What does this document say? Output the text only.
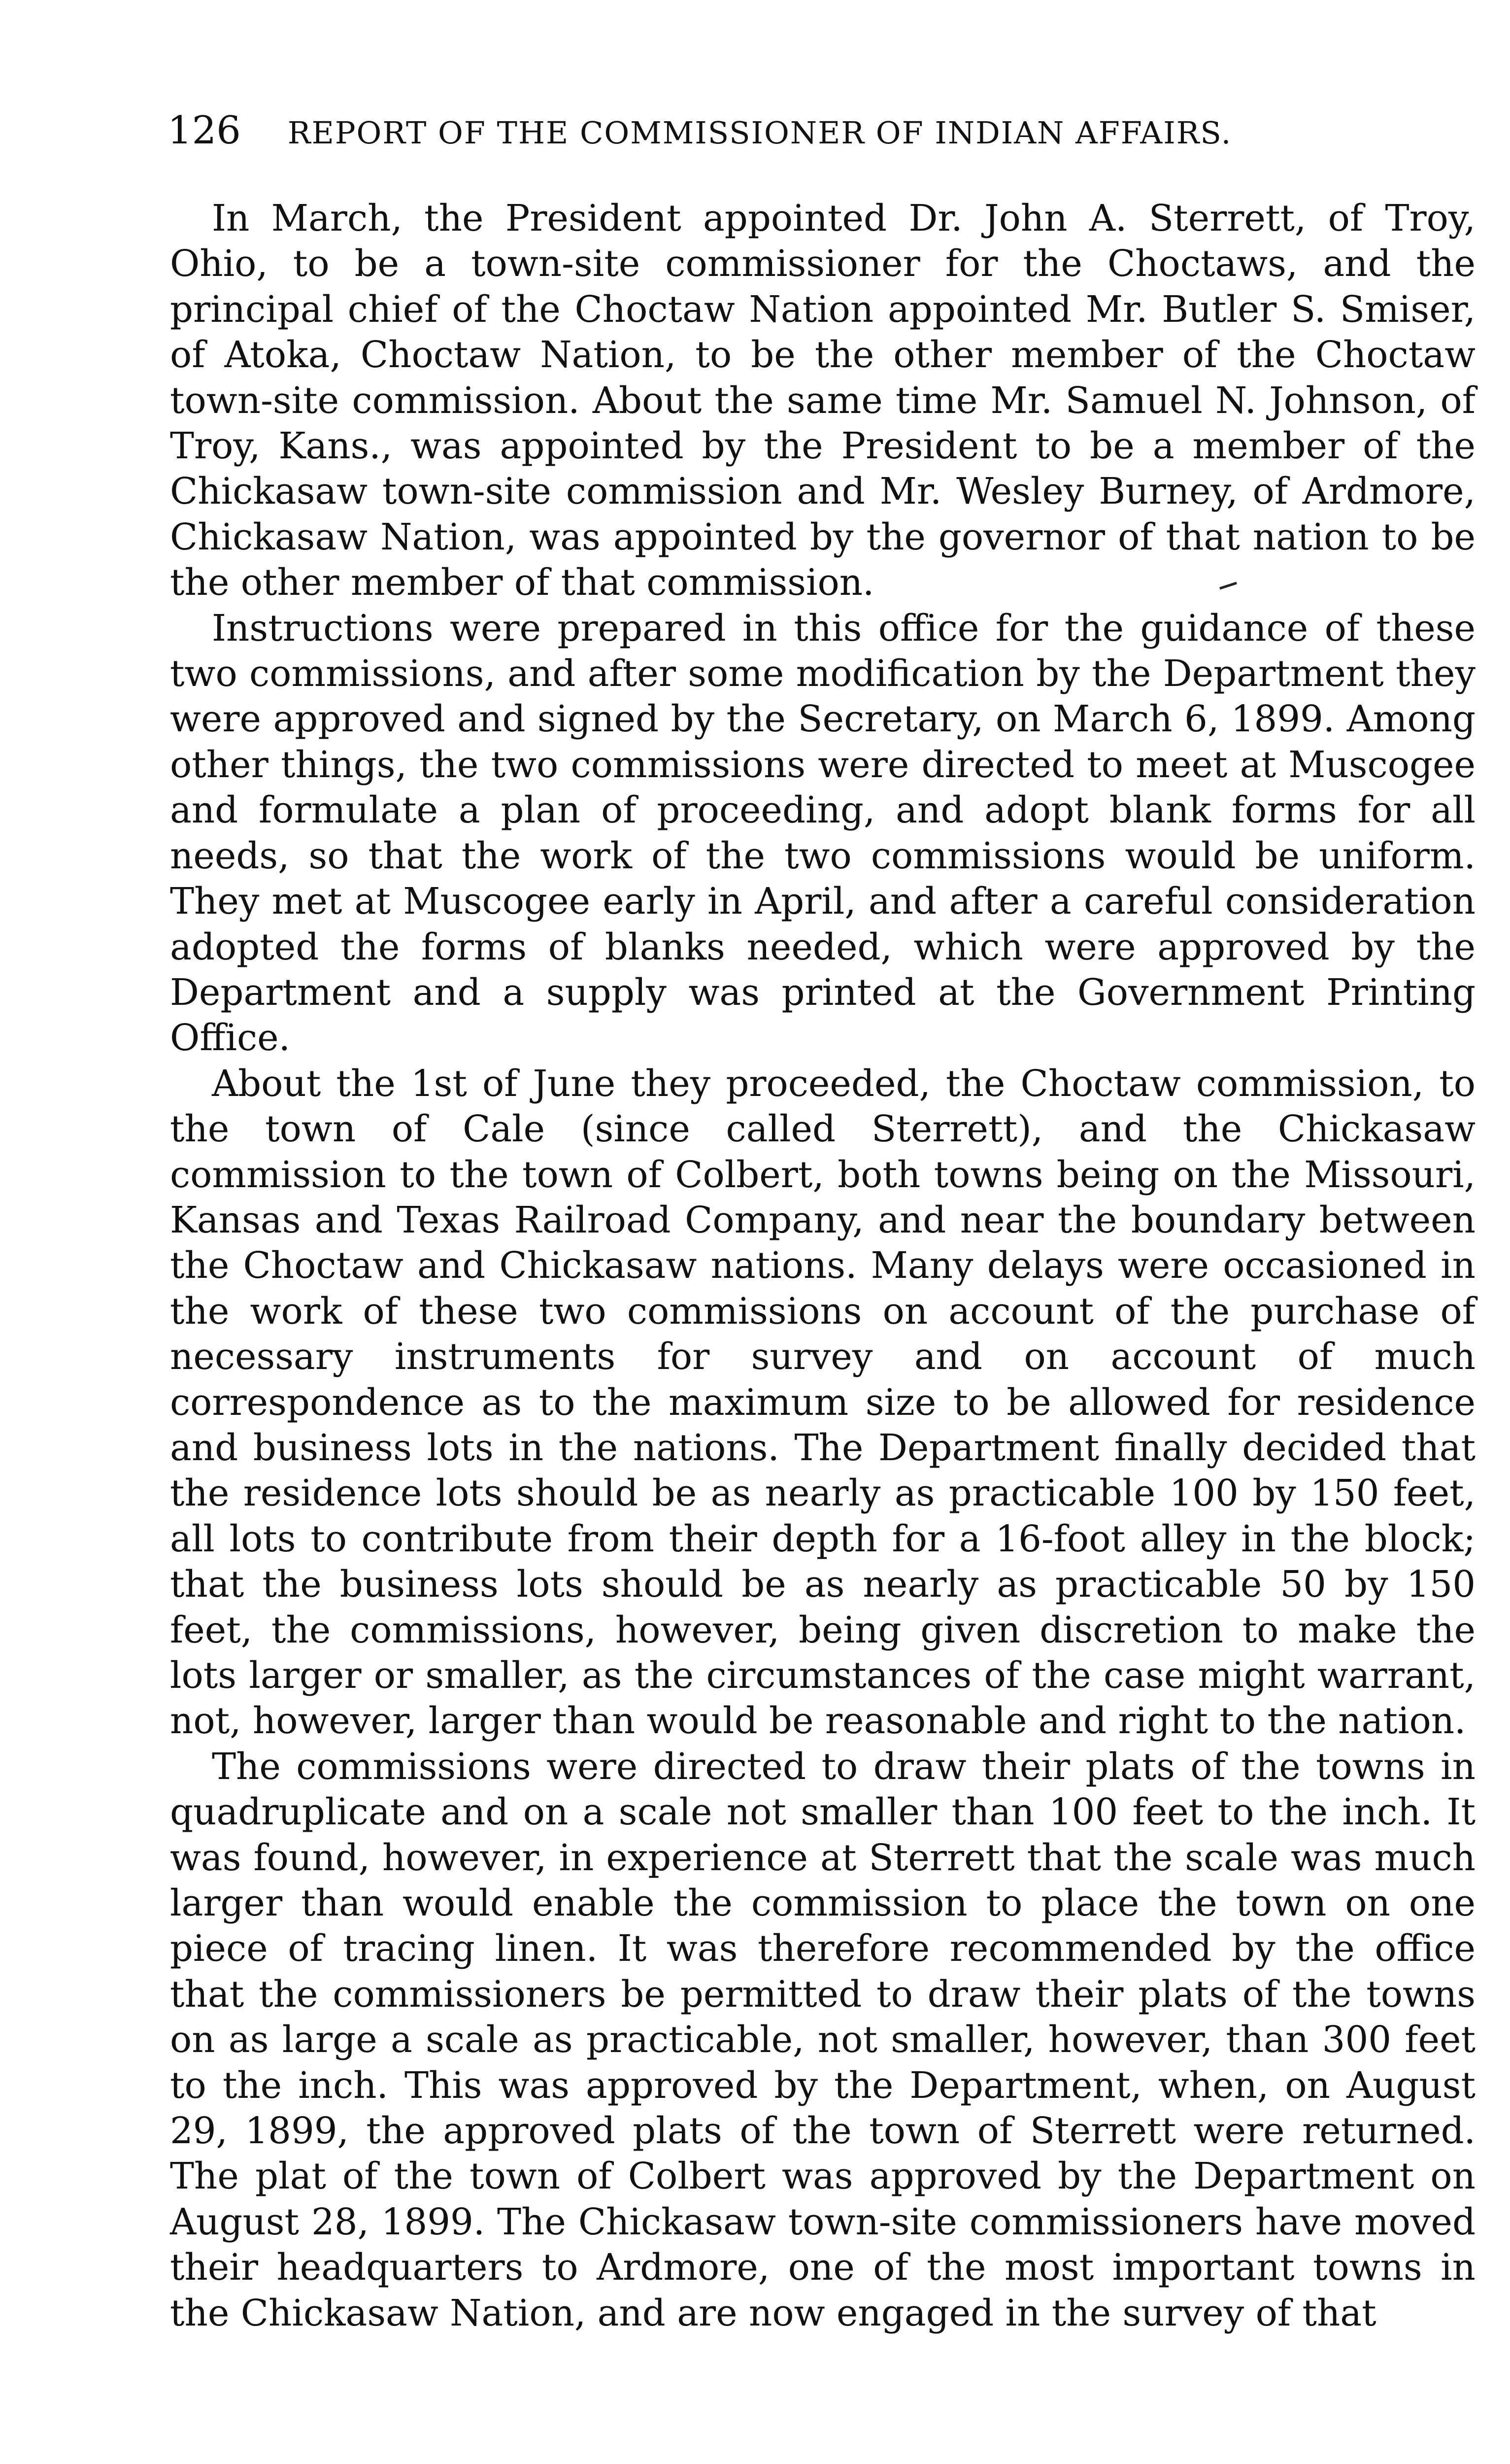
126 REPORT OF THE COMMISSIONER OF INDIAN AFFAIRS.

In March, the President appointed Dr. John A. Sterrett, of Troy, Ohio, to be a town-site commissioner for the Choctaws, and the principal chief of the Choctaw Nation appointed Mr. Butler S. Smiser, of Atoka, Choctaw Nation, to be the other member of the Choctaw town-site commission. About the same time Mr. Samuel N. Johnson, of Troy, Kans., was appointed by the President to be a member of the Chickasaw town-site commission and Mr. Wesley Burney, of Ardmore, Chickasaw Nation, was appointed by the governor of that nation to be the other member of that commission.

Instructions were prepared in this office for the guidance of these two commissions, and after some modification by the Department they were approved and signed by the Secretary, on March 6, 1899. Among other things, the two commissions were directed to meet at Muscogee and formulate a plan of proceeding, and adopt blank forms for all needs, so that the work of the two commissions would be uniform. They met at Muscogee early in April, and after a careful consideration adopted the forms of blanks needed, which were approved by the Department and a supply was printed at the Government Printing Office.

About the 1st of June they proceeded, the Choctaw commission, to the town of Cale (since called Sterrett), and the Chickasaw commission to the town of Colbert, both towns being on the Missouri, Kansas and Texas Railroad Company, and near the boundary between the Choctaw and Chickasaw nations. Many delays were occasioned in the work of these two commissions on account of the purchase of necessary instruments for survey and on account of much correspondence as to the maximum size to be allowed for residence and business lots in the nations. The Department finally decided that the residence lots should be as nearly as practicable 100 by 150 feet, all lots to contribute from their depth for a 16-foot alley in the block; that the business lots should be as nearly as practicable 50 by 150 feet, the commissions, however, being given discretion to make the lots larger or smaller, as the circumstances of the case might warrant, not, however, larger than would be reasonable and right to the nation.

The commissions were directed to draw their plats of the towns in quadruplicate and on a scale not smaller than 100 feet to the inch. It was found, however, in experience at Sterrett that the scale was much larger than would enable the commission to place the town on one piece of tracing linen. It was therefore recommended by the office that the commissioners be permitted to draw their plats of the towns on as large a scale as practicable, not smaller, however, than 300 feet to the inch. This was approved by the Department, when, on August 29, 1899, the approved plats of the town of Sterrett were returned. The plat of the town of Colbert was approved by the Department on August 28, 1899. The Chickasaw town-site commissioners have moved their headquarters to Ardmore, one of the most important towns in the Chickasaw Nation, and are now engaged in the survey of that
